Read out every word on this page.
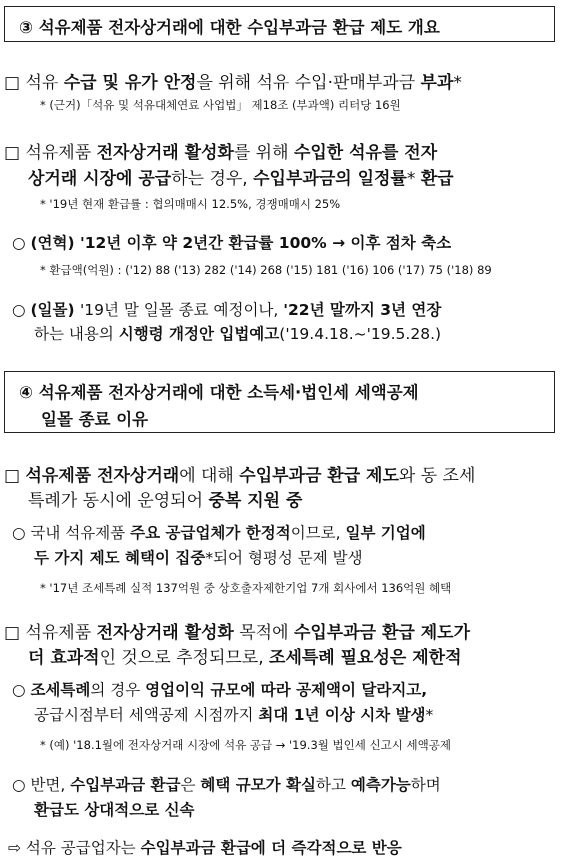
③ 석유제품 전자상거래에 대한 수입부과금 환급 제도 개요
□ 석유 수급 및 유가 안정을 위해 석유 수입·판매부과금 부과*
* (근거)「석유 및 석유대체연료 사업법」 제18조 (부과액) 리터당 16원
□ 석유제품 전자상거래 활성화를 위해 수입한 석유를 전자
상거래 시장에 공급하는 경우, 수입부과금의 일정률* 환급
* '19년 현재 환급률 : 협의매매시 12.5%, 경쟁매매시 25%
○ (연혁) '12년 이후 약 2년간 환급률 100% → 이후 점차 축소
* 환급액(억원) : ('12) 88 ('13) 282 ('14) 268 ('15) 181 ('16) 106 ('17) 75 ('18) 89
○ (일몰) '19년 말 일몰 종료 예정이나, '22년 말까지 3년 연장
하는 내용의 시행령 개정안 입법예고('19.4.18.~'19.5.28.)
④ 석유제품 전자상거래에 대한 소득세·법인세 세액공제
일몰 종료 이유
□ 석유제품 전자상거래에 대해 수입부과금 환급 제도와 동 조세
특례가 동시에 운영되어 중복 지원 중
○ 국내 석유제품 주요 공급업체가 한정적이므로, 일부 기업에
두 가지 제도 혜택이 집중*되어 형평성 문제 발생
* '17년 조세특례 실적 137억원 중 상호출자제한기업 7개 회사에서 136억원 혜택
□ 석유제품 전자상거래 활성화 목적에 수입부과금 환급 제도가
더 효과적인 것으로 추정되므로, 조세특례 필요성은 제한적
○ 조세특례의 경우 영업이익 규모에 따라 공제액이 달라지고,
공급시점부터 세액공제 시점까지 최대 1년 이상 시차 발생*
* (예) '18.1월에 전자상거래 시장에 석유 공급 → '19.3월 법인세 신고시 세액공제
○ 반면, 수입부과금 환급은 혜택 규모가 확실하고 예측가능하며
환급도 상대적으로 신속
⇨ 석유 공급업자는 수입부과금 환급에 더 즉각적으로 반응
